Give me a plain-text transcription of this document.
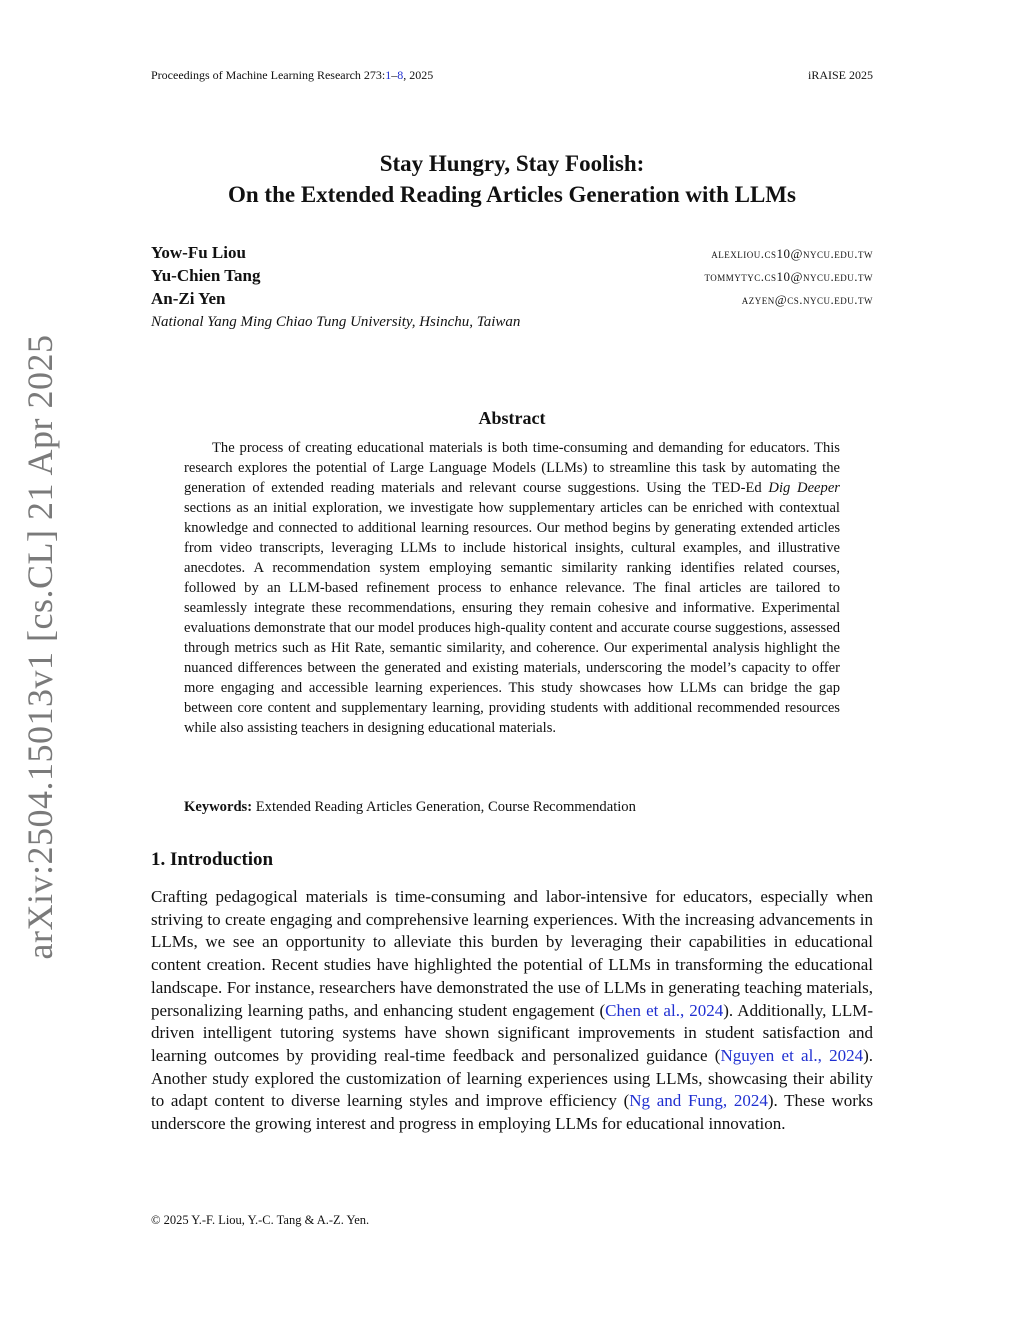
Proceedings of Machine Learning Research 273:1–8, 2025	iRAISE 2025
Stay Hungry, Stay Foolish:
On the Extended Reading Articles Generation with LLMs
Yow-Fu Liou	alexliou.cs10@nycu.edu.tw
Yu-Chien Tang	tommytyc.cs10@nycu.edu.tw
An-Zi Yen	azyen@cs.nycu.edu.tw
National Yang Ming Chiao Tung University, Hsinchu, Taiwan
arXiv:2504.15013v1 [cs.CL] 21 Apr 2025	Abstract
The process of creating educational materials is both time-consuming and demanding for educators. This research explores the potential of Large Language Models (LLMs) to streamline this task by automating the generation of extended reading materials and relevant course suggestions. Using the TED-Ed Dig Deeper sections as an initial exploration, we investigate how supplementary articles can be enriched with contextual knowledge and connected to additional learning resources. Our method begins by generating extended articles from video transcripts, leveraging LLMs to include historical insights, cultural examples, and illustrative anecdotes. A recommendation system employing semantic similarity ranking identifies related courses, followed by an LLM-based refinement process to enhance relevance. The final articles are tailored to seamlessly integrate these recommendations, ensuring they remain cohesive and informative. Experimental evaluations demonstrate that our model produces high-quality content and accurate course suggestions, assessed through metrics such as Hit Rate, semantic similarity, and coherence. Our experimental analysis highlight the nuanced differences between the generated and existing materials, underscoring the model’s capacity to offer more engaging and accessible learning experiences. This study showcases how LLMs can bridge the gap between core content and supplementary learning, providing students with additional recommended resources while also assisting teachers in designing educational materials.
Keywords: Extended Reading Articles Generation, Course Recommendation
1. Introduction
Crafting pedagogical materials is time-consuming and labor-intensive for educators, especially when striving to create engaging and comprehensive learning experiences. With the increasing advancements in LLMs, we see an opportunity to alleviate this burden by leveraging their capabilities in educational content creation. Recent studies have highlighted the potential of LLMs in transforming the educational landscape. For instance, researchers have demonstrated the use of LLMs in generating teaching materials, personalizing learning paths, and enhancing student engagement (Chen et al., 2024). Additionally, LLM-driven intelligent tutoring systems have shown significant improvements in student satisfaction and learning outcomes by providing real-time feedback and personalized guidance (Nguyen et al., 2024). Another study explored the customization of learning experiences using LLMs, showcasing their ability to adapt content to diverse learning styles and improve efficiency (Ng and Fung, 2024). These works underscore the growing interest and progress in employing LLMs for educational innovation.
© 2025 Y.-F. Liou, Y.-C. Tang & A.-Z. Yen.
